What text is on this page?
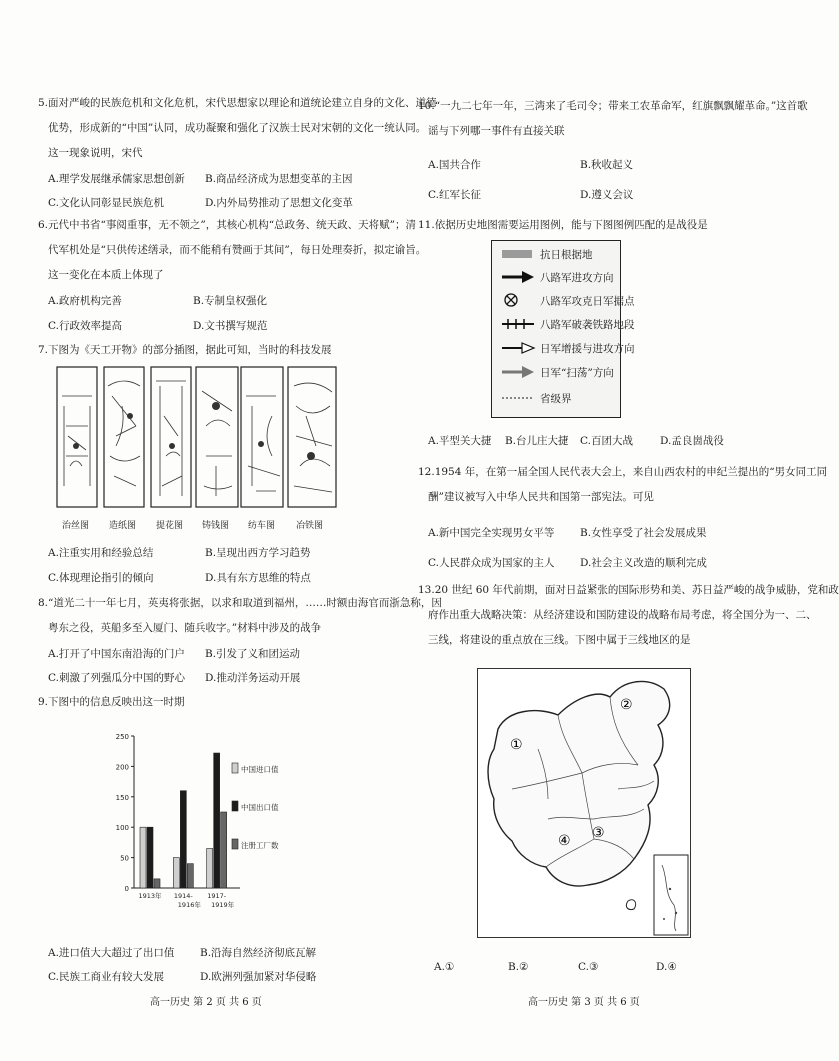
5.面对严峻的民族危机和文化危机，宋代思想家以理论和道统论建立自身的文化、道德
优势，形成新的“中国”认同，成功凝聚和强化了汉族士民对宋朝的文化一统认同。
这一现象说明，宋代
A.理学发展继承儒家思想创新 B.商品经济成为思想变革的主因
C.文化认同彰显民族危机	D.内外局势推动了思想文化变革
6.元代中书省“事阅重事，无不领之”，其核心机构“总政务、统天政、天将赋”；清
代军机处是“只供传述缮录，而不能稍有赞画于其间”，每日处理奏折，拟定谕旨。
这一变化在本质上体现了
A.政府机构完善	B.专制皇权强化
C.行政效率提高	D.文书撰写规范
7.下图为《天工开物》的部分插图，据此可知，当时的科技发展
治丝图 造纸图 提花图 铸钱图 纺车图 冶铁图
A.注重实用和经验总结	B.呈现出西方学习趋势
C.体现理论指引的倾向	D.具有东方思维的特点
8.“道光二十一年七月，英夷将张据，以求和取道到福州，……时额由海官而浙急称，因
粤东之役，英船多至入厦门、随兵收字。”材料中涉及的战争
A.打开了中国东南沿海的门户 B.引发了义和团运动
C.刺激了列强瓜分中国的野心 D.推动洋务运动开展
9.下图中的信息反映出这一时期
0
50
100
150
200
250
1913年 1914-
1916年
1917-
1919年
中国进口值
中国出口值
注册工厂数
A.进口值大大超过了出口值 B.沿海自然经济彻底瓦解
C.民族工商业有较大发展	D.欧洲列强加紧对华侵略
高一历史 第 2 页 共 6 页
10.“一九二七年一年，三湾来了毛司令；带来工农革命军，红旗飘飘耀革命。”这首歌
谣与下列哪一事件有直接关联
A.国共合作	B.秋收起义
C.红军长征	D.遵义会议
11.依据历史地图需要运用图例，能与下图图例匹配的是战役是
抗日根据地
八路军进攻方向
八路军攻克日军据点
八路军破袭铁路地段
日军增援与进攻方向
日军“扫荡”方向
省级界
A.平型关大捷 B.台儿庄大捷 C.百团大战	D.孟良崮战役
12.1954 年，在第一届全国人民代表大会上，来自山西农村的申纪兰提出的“男女同工同
酬”建议被写入中华人民共和国第一部宪法。可见
A.新中国完全实现男女平等 B.女性享受了社会发展成果
C.人民群众成为国家的主人 D.社会主义改造的顺利完成
13.20 世纪 60 年代前期，面对日益紧张的国际形势和美、苏日益严峻的战争威胁，党和政
府作出重大战略决策：从经济建设和国防建设的战略布局考虑，将全国分为一、二、
三线，将建设的重点放在三线。下图中属于三线地区的是
①
②
③
④
A.①	B.②	C.③	D.④
高一历史 第 3 页 共 6 页
